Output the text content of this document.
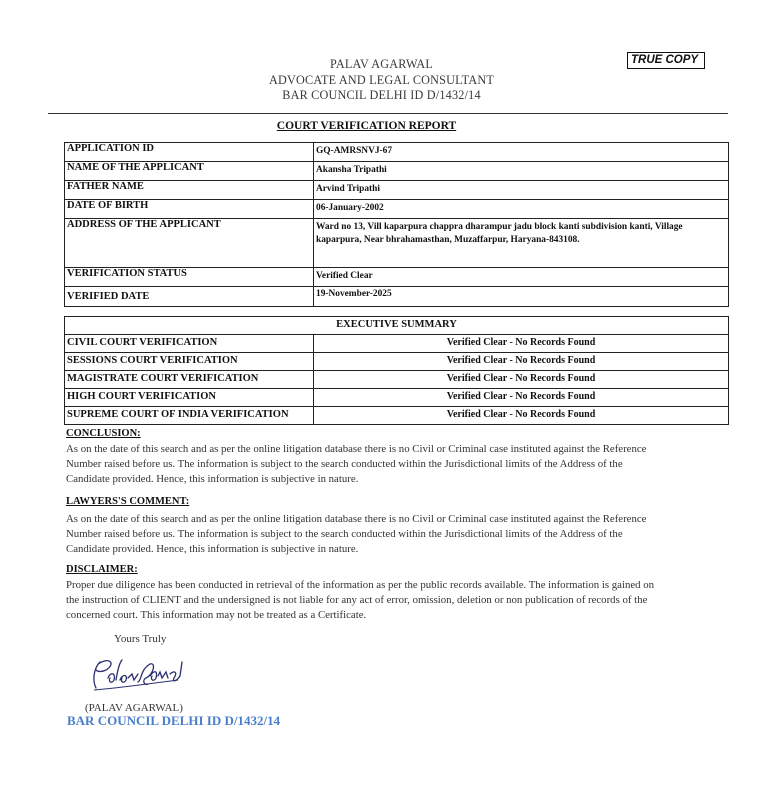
PALAV AGARWAL
ADVOCATE AND LEGAL CONSULTANT
BAR COUNCIL DELHI ID D/1432/14
TRUE COPY
COURT VERIFICATION REPORT
APPLICATION ID	GQ-AMRSNVJ-67
NAME OF THE APPLICANT	Akansha Tripathi
FATHER NAME	Arvind Tripathi
DATE OF BIRTH	06-January-2002
ADDRESS OF THE APPLICANT	Ward no 13, Vill kaparpura chappra dharampur jadu block kanti subdivision kanti, Village kaparpura, Near bhrahamasthan, Muzaffarpur, Haryana-843108.
VERIFICATION STATUS	Verified Clear
VERIFIED DATE	19-November-2025
EXECUTIVE SUMMARY	
CIVIL COURT VERIFICATION	Verified Clear - No Records Found
SESSIONS COURT VERIFICATION	Verified Clear - No Records Found
MAGISTRATE COURT VERIFICATION	Verified Clear - No Records Found
HIGH COURT VERIFICATION	Verified Clear - No Records Found
SUPREME COURT OF INDIA VERIFICATION	Verified Clear - No Records Found
CONCLUSION:
As on the date of this search and as per the online litigation database there is no Civil or Criminal case instituted against the Reference
Number raised before us. The information is subject to the search conducted within the Jurisdictional limits of the Address of the
Candidate provided. Hence, this information is subjective in nature.
LAWYERS'S COMMENT:
As on the date of this search and as per the online litigation database there is no Civil or Criminal case instituted against the Reference
Number raised before us. The information is subject to the search conducted within the Jurisdictional limits of the Address of the
Candidate provided. Hence, this information is subjective in nature.
DISCLAIMER:
Proper due diligence has been conducted in retrieval of the information as per the public records available. The information is gained on
the instruction of CLIENT and the undersigned is not liable for any act of error, omission, deletion or non publication of records of the
concerned court. This information may not be treated as a Certificate.
Yours Truly
(PALAV AGARWAL)
BAR COUNCIL DELHI ID D/1432/14
